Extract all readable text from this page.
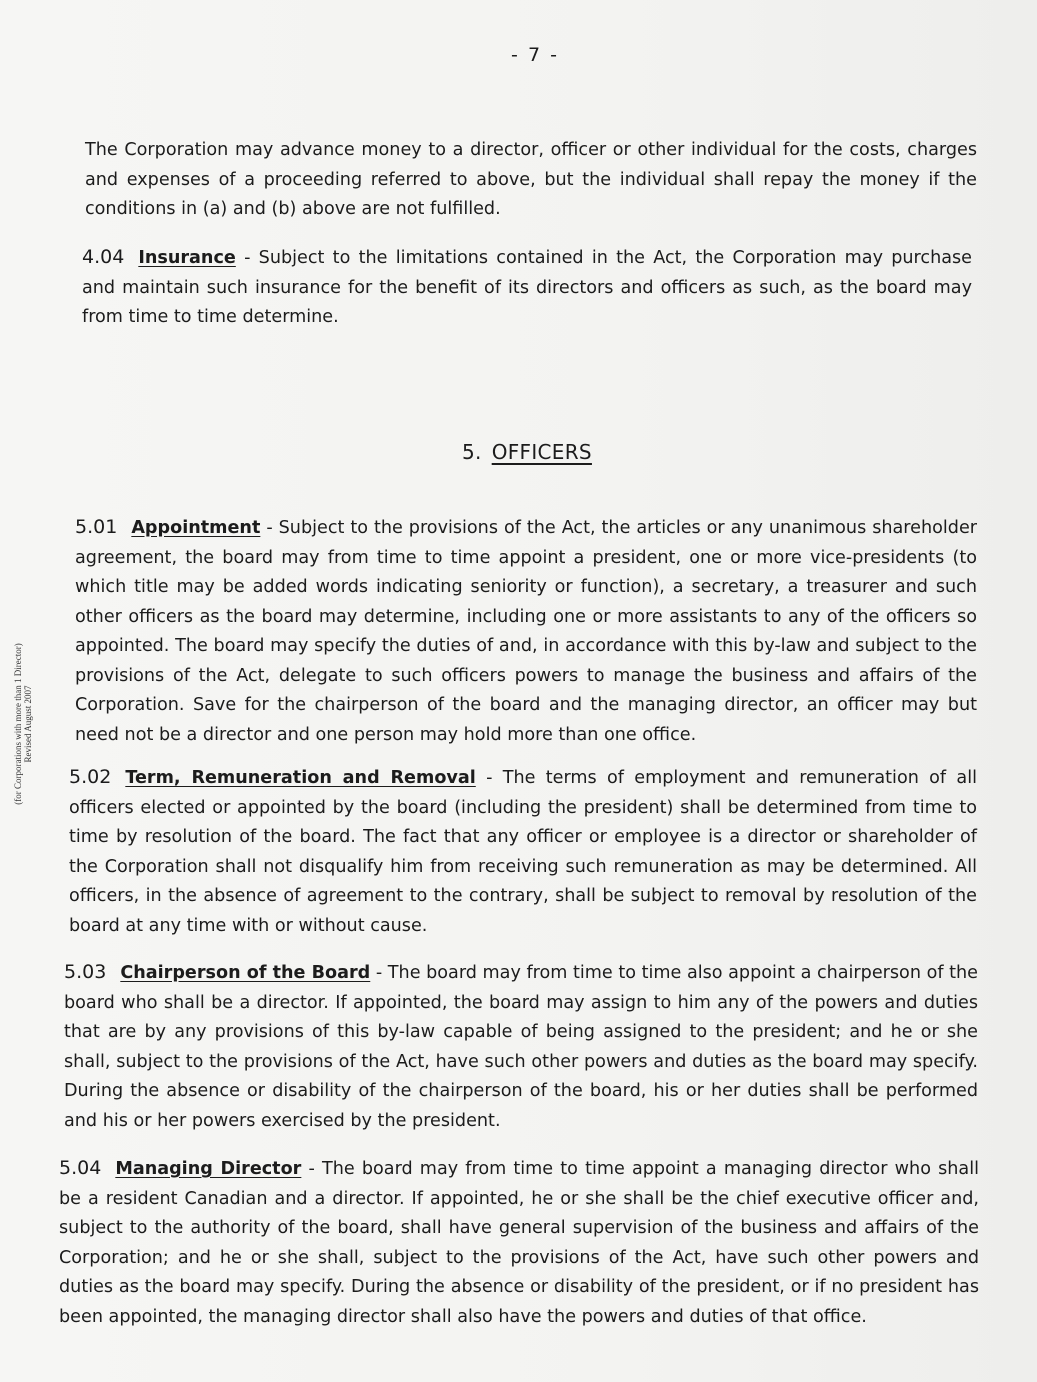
- 7 -

The Corporation may advance money to a director, officer or other individual for the costs, charges and expenses of a proceeding referred to above, but the individual shall repay the money if the conditions in (a) and (b) above are not fulfilled.

4.04 Insurance - Subject to the limitations contained in the Act, the Corporation may purchase and maintain such insurance for the benefit of its directors and officers as such, as the board may from time to time determine.

5. OFFICERS

5.01 Appointment - Subject to the provisions of the Act, the articles or any unanimous shareholder agreement, the board may from time to time appoint a president, one or more vice-presidents (to which title may be added words indicating seniority or function), a secretary, a treasurer and such other officers as the board may determine, including one or more assistants to any of the officers so appointed. The board may specify the duties of and, in accordance with this by-law and subject to the provisions of the Act, delegate to such officers powers to manage the business and affairs of the Corporation. Save for the chairperson of the board and the managing director, an officer may but need not be a director and one person may hold more than one office.

5.02 Term, Remuneration and Removal - The terms of employment and remuneration of all officers elected or appointed by the board (including the president) shall be determined from time to time by resolution of the board. The fact that any officer or employee is a director or shareholder of the Corporation shall not disqualify him from receiving such remuneration as may be determined. All officers, in the absence of agreement to the contrary, shall be subject to removal by resolution of the board at any time with or without cause.

5.03 Chairperson of the Board - The board may from time to time also appoint a chairperson of the board who shall be a director. If appointed, the board may assign to him any of the powers and duties that are by any provisions of this by-law capable of being assigned to the president; and he or she shall, subject to the provisions of the Act, have such other powers and duties as the board may specify. During the absence or disability of the chairperson of the board, his or her duties shall be performed and his or her powers exercised by the president.

5.04 Managing Director - The board may from time to time appoint a managing director who shall be a resident Canadian and a director. If appointed, he or she shall be the chief executive officer and, subject to the authority of the board, shall have general supervision of the business and affairs of the Corporation; and he or she shall, subject to the provisions of the Act, have such other powers and duties as the board may specify. During the absence or disability of the president, or if no president has been appointed, the managing director shall also have the powers and duties of that office.

(for Corporations with more than 1 Director) Revised August 2007
